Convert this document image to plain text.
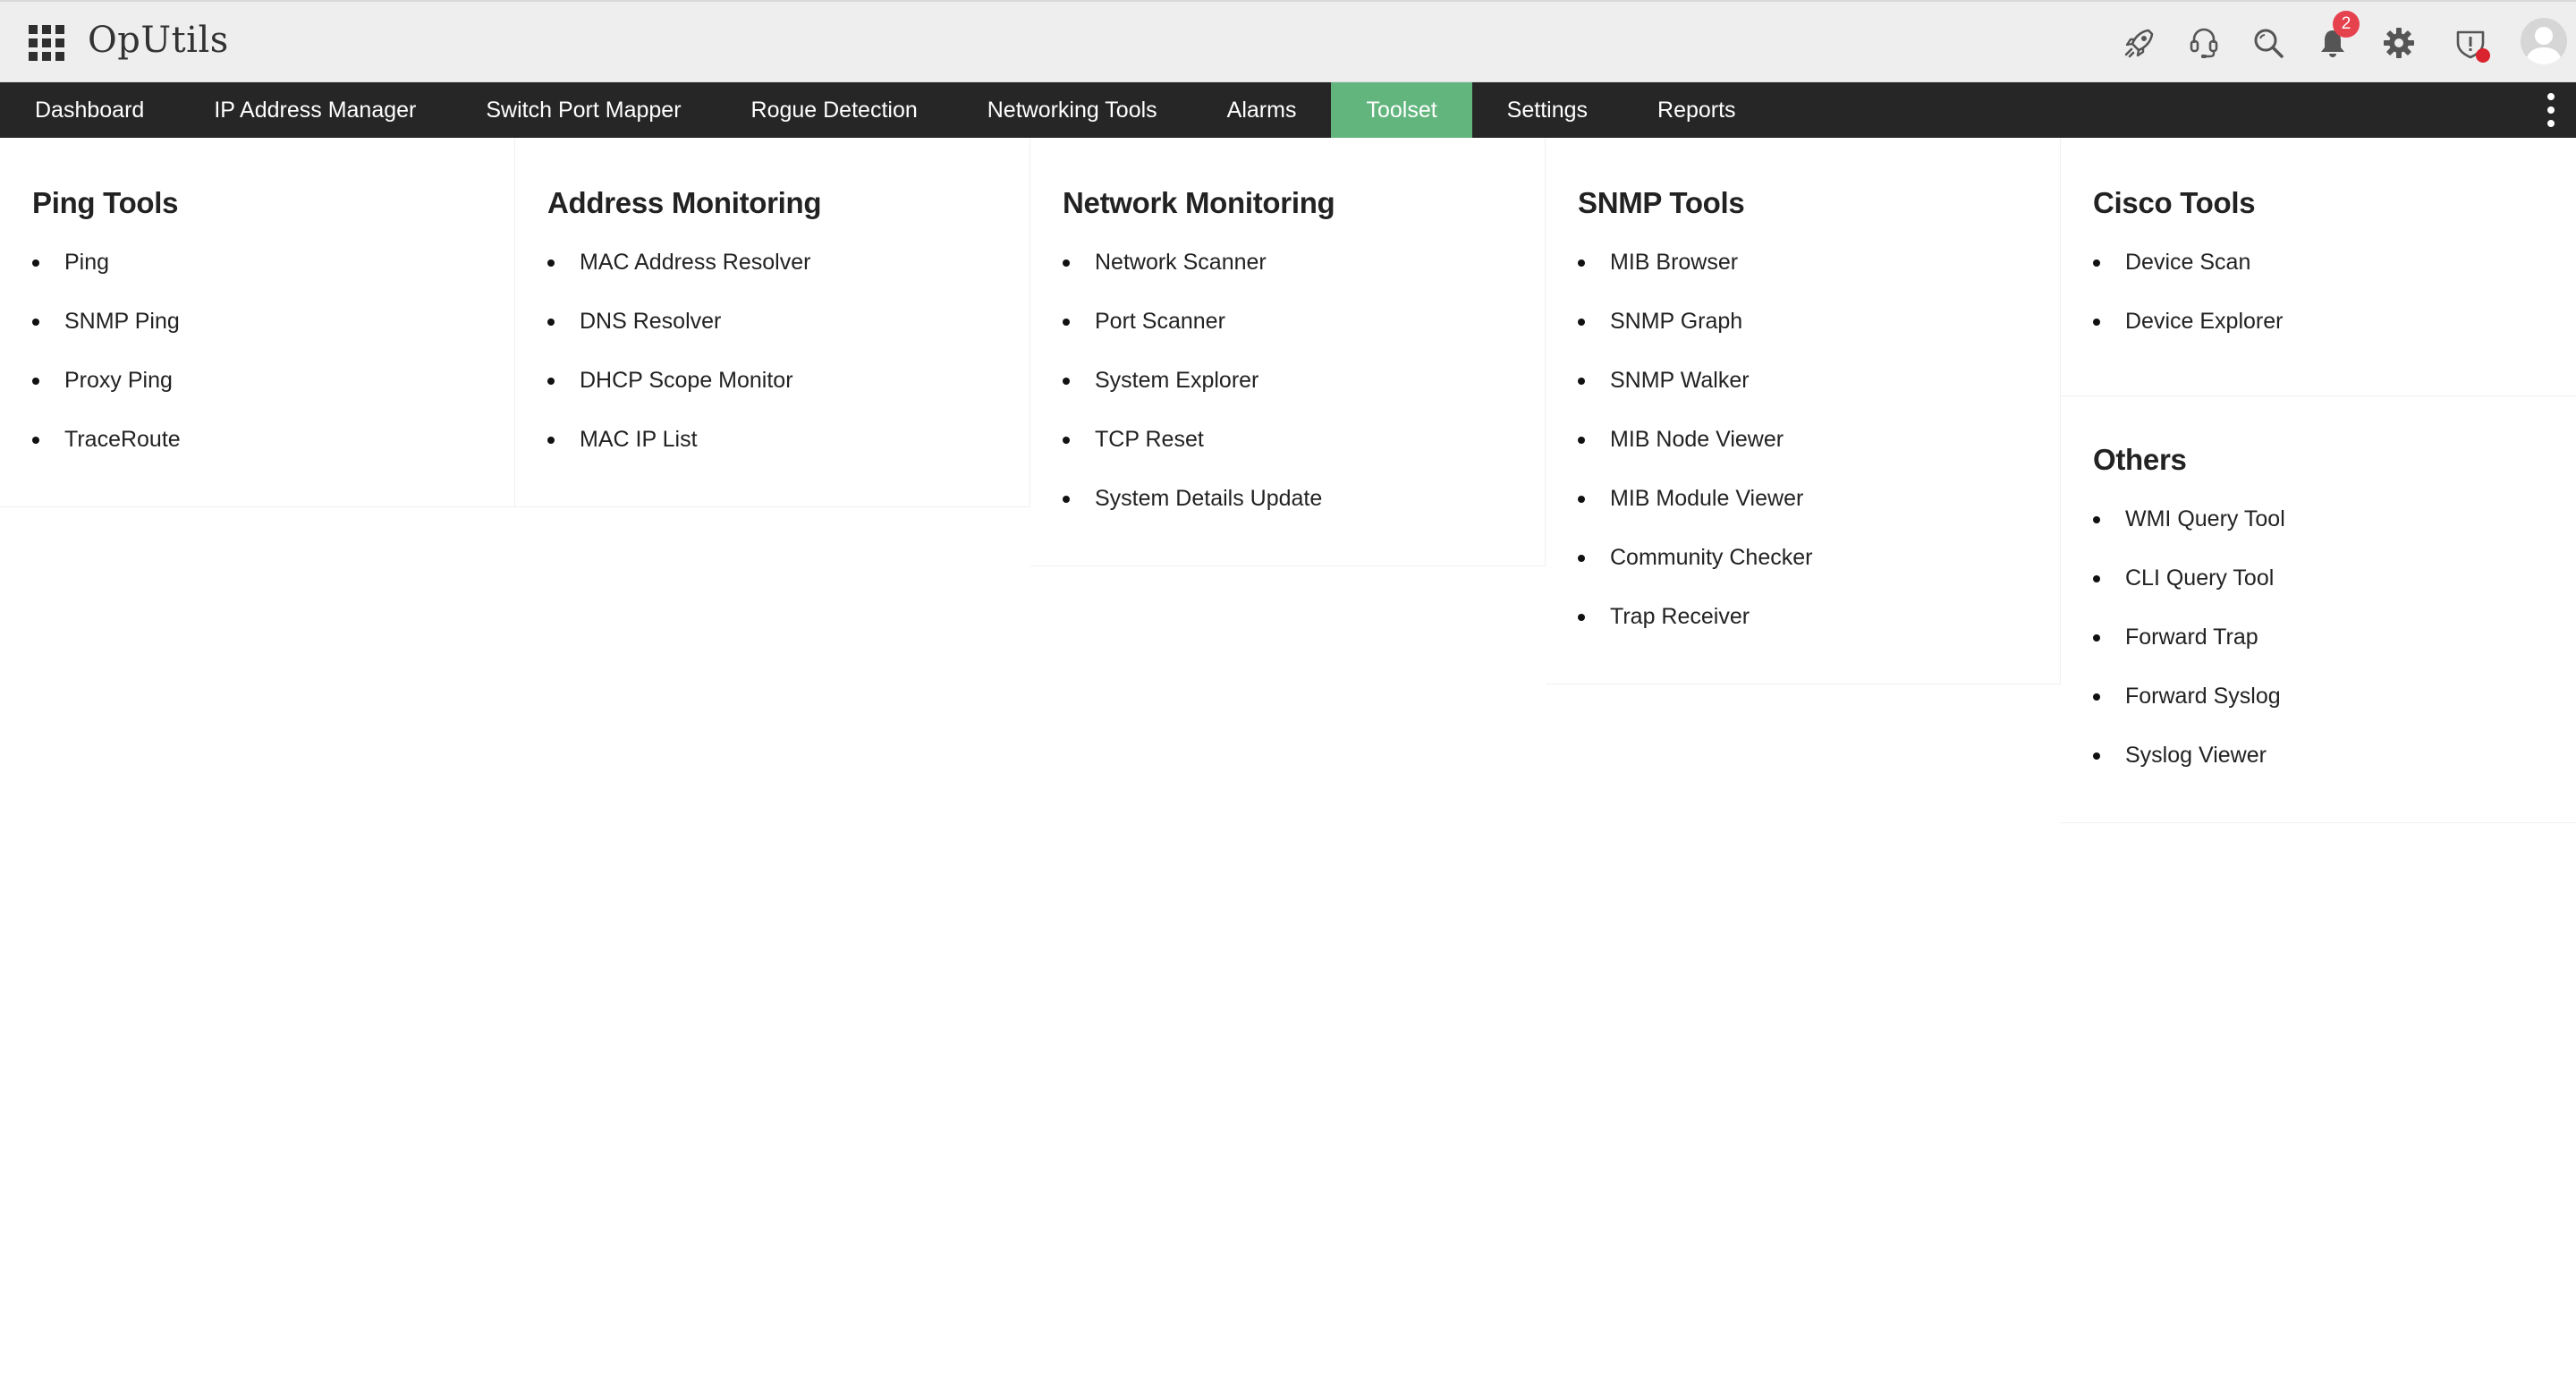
OpUtils	2
Dashboard	IP Address Manager	Switch Port Mapper	Rogue Detection	Networking Tools	Alarms	Toolset	Settings	Reports
Ping Tools
Ping
SNMP Ping
Proxy Ping
TraceRoute
Address Monitoring
MAC Address Resolver
DNS Resolver
DHCP Scope Monitor
MAC IP List
Network Monitoring
Network Scanner
Port Scanner
System Explorer
TCP Reset
System Details Update
SNMP Tools
MIB Browser
SNMP Graph
SNMP Walker
MIB Node Viewer
MIB Module Viewer
Community Checker
Trap Receiver
Cisco Tools
Device Scan
Device Explorer
Others
WMI Query Tool
CLI Query Tool
Forward Trap
Forward Syslog
Syslog Viewer
